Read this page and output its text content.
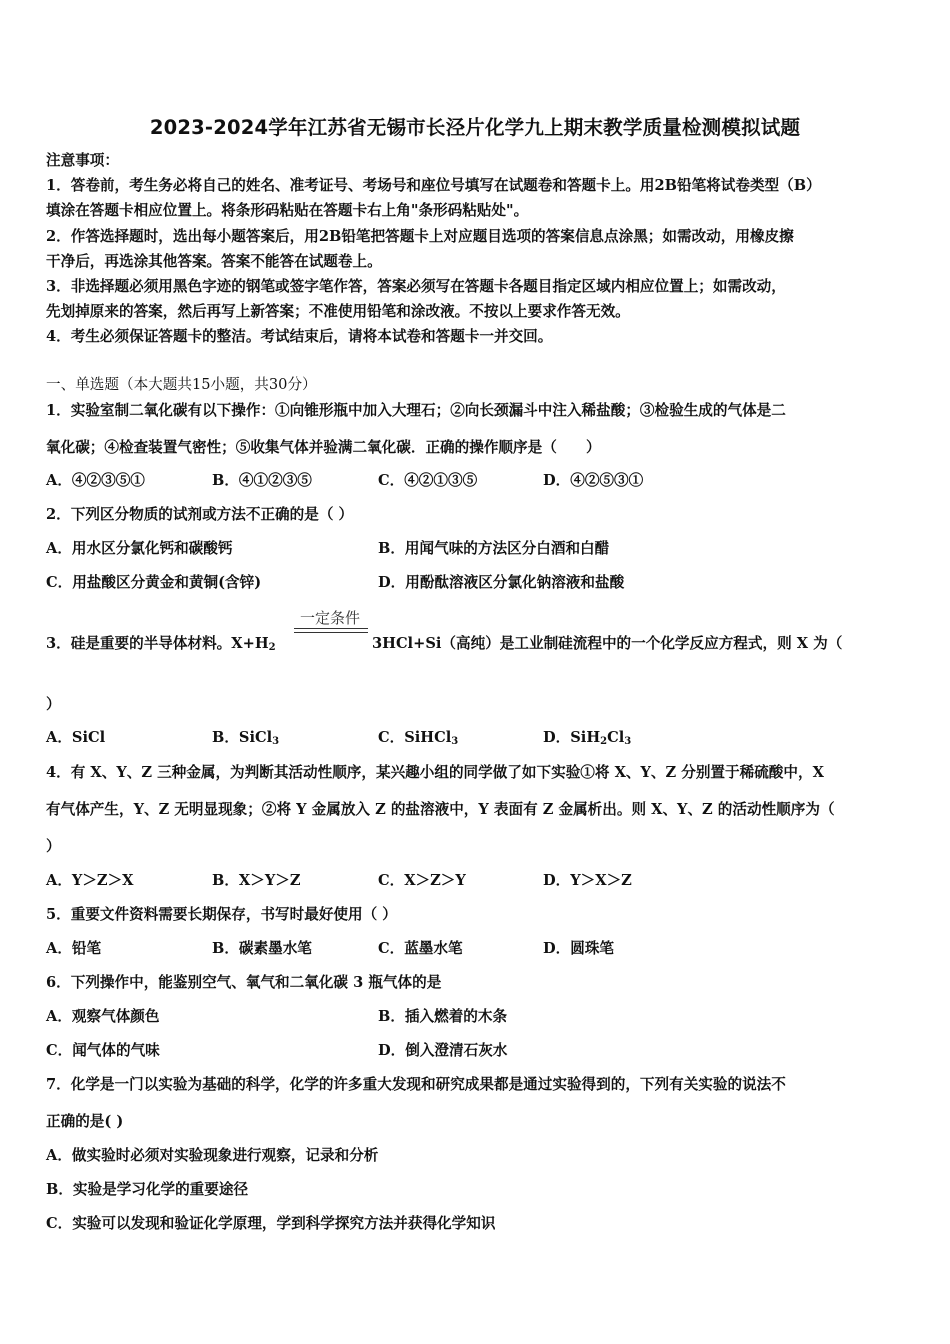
2023-2024学年江苏省无锡市长泾片化学九上期末教学质量检测模拟试题
注意事项：
1．答卷前，考生务必将自己的姓名、准考证号、考场号和座位号填写在试题卷和答题卡上。用2B铅笔将试卷类型（B）
填涂在答题卡相应位置上。将条形码粘贴在答题卡右上角"条形码粘贴处"。
2．作答选择题时，选出每小题答案后，用2B铅笔把答题卡上对应题目选项的答案信息点涂黑；如需改动，用橡皮擦
干净后，再选涂其他答案。答案不能答在试题卷上。
3．非选择题必须用黑色字迹的钢笔或签字笔作答，答案必须写在答题卡各题目指定区域内相应位置上；如需改动，
先划掉原来的答案，然后再写上新答案；不准使用铅笔和涂改液。不按以上要求作答无效。
4．考生必须保证答题卡的整洁。考试结束后，请将本试卷和答题卡一并交回。
一、单选题（本大题共15小题，共30分）
1．实验室制二氧化碳有以下操作：①向锥形瓶中加入大理石；②向长颈漏斗中注入稀盐酸；③检验生成的气体是二
氧化碳；④检查装置气密性；⑤收集气体并验满二氧化碳．正确的操作顺序是（　　）
A．④②③⑤①	B．④①②③⑤	C．④②①③⑤	D．④②⑤③①
2．下列区分物质的试剂或方法不正确的是（ ）
A．用水区分氯化钙和碳酸钙	B．用闻气味的方法区分白酒和白醋
C．用盐酸区分黄金和黄铜(含锌)	D．用酚酞溶液区分氯化钠溶液和盐酸
3．硅是重要的半导体材料。$X+H_2$
一定条件
3HCl+Si（高纯）是工业制硅流程中的一个化学反应方程式，则 X 为（
）
A．SiCl	B．SiCl$_3$	C．SiHCl$_3$	D．$SiH_2Cl_3$
4．有 X、Y、Z 三种金属，为判断其活动性顺序，某兴趣小组的同学做了如下实验①将 X、Y、Z 分别置于稀硫酸中，X
有气体产生，Y、Z 无明显现象；②将 Y 金属放入 Z 的盐溶液中，Y 表面有 Z 金属析出。则 X、Y、Z 的活动性顺序为（
）
A．Y＞Z＞X	B．X＞Y＞Z	C．X＞Z＞Y	D．Y＞X＞Z
5．重要文件资料需要长期保存，书写时最好使用（ ）
A．铅笔	B．碳素墨水笔	C．蓝墨水笔	D．圆珠笔
6．下列操作中，能鉴别空气、氧气和二氧化碳 3 瓶气体的是
A．观察气体颜色	B．插入燃着的木条
C．闻气体的气味	D．倒入澄清石灰水
7．化学是一门以实验为基础的科学，化学的许多重大发现和研究成果都是通过实验得到的，下列有关实验的说法不
正确的是( )
A．做实验时必须对实验现象进行观察，记录和分析
B．实验是学习化学的重要途径
C．实验可以发现和验证化学原理，学到科学探究方法并获得化学知识
